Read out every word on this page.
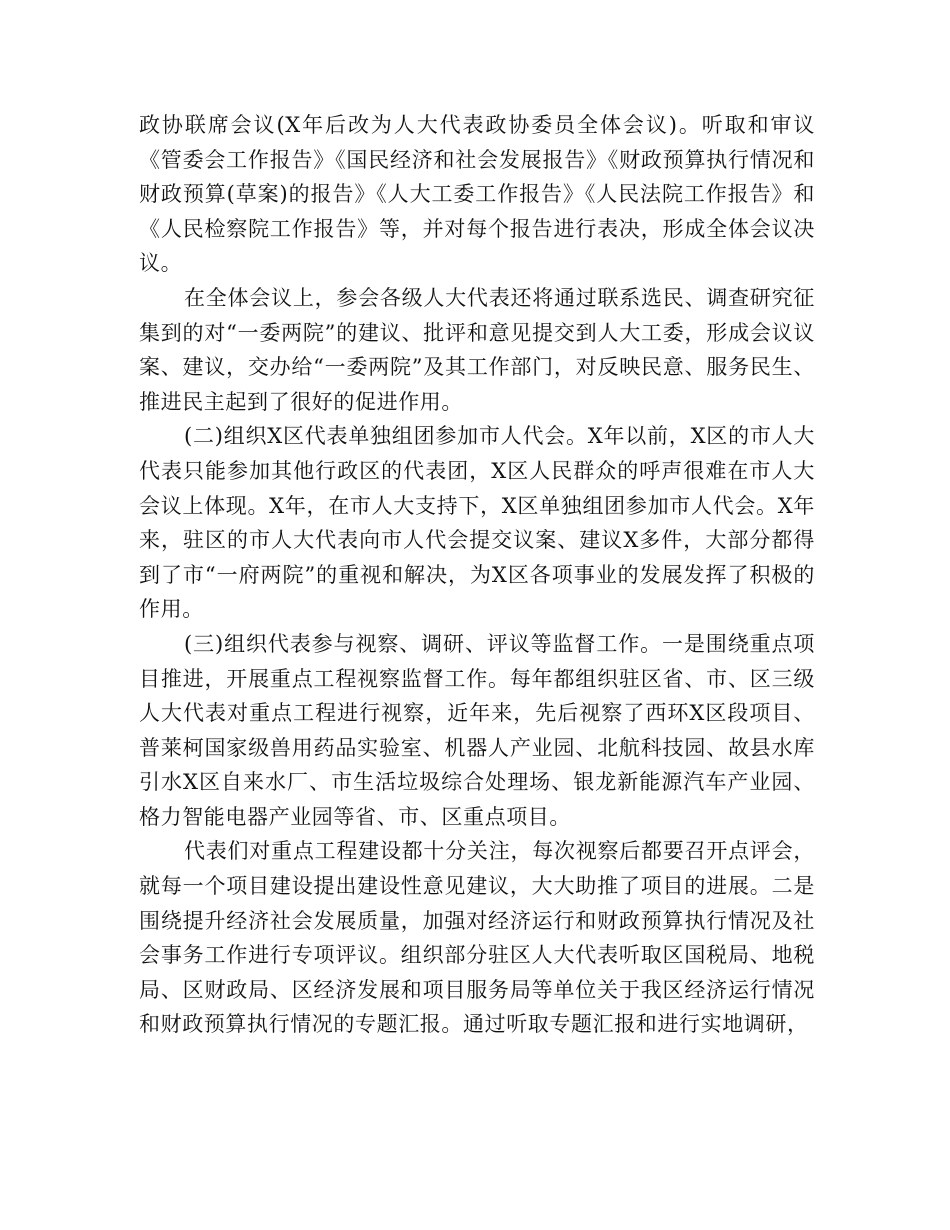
政协联席会议(X年后改为人大代表政协委员全体会议)。听取和审议《管委会工作报告》《国民经济和社会发展报告》《财政预算执行情况和财政预算(草案)的报告》《人大工委工作报告》《人民法院工作报告》和《人民检察院工作报告》等，并对每个报告进行表决，形成全体会议决议。

在全体会议上，参会各级人大代表还将通过联系选民、调查研究征集到的对“一委两院”的建议、批评和意见提交到人大工委，形成会议议案、建议，交办给“一委两院”及其工作部门，对反映民意、服务民生、推进民主起到了很好的促进作用。

(二)组织X区代表单独组团参加市人代会。X年以前，X区的市人大代表只能参加其他行政区的代表团，X区人民群众的呼声很难在市人大会议上体现。X年，在市人大支持下，X区单独组团参加市人代会。X年来，驻区的市人大代表向市人代会提交议案、建议X多件，大部分都得到了市“一府两院”的重视和解决，为X区各项事业的发展发挥了积极的作用。

(三)组织代表参与视察、调研、评议等监督工作。一是围绕重点项目推进，开展重点工程视察监督工作。每年都组织驻区省、市、区三级人大代表对重点工程进行视察，近年来，先后视察了西环X区段项目、普莱柯国家级兽用药品实验室、机器人产业园、北航科技园、故县水库引水X区自来水厂、市生活垃圾综合处理场、银龙新能源汽车产业园、格力智能电器产业园等省、市、区重点项目。

代表们对重点工程建设都十分关注，每次视察后都要召开点评会，就每一个项目建设提出建设性意见建议，大大助推了项目的进展。二是围绕提升经济社会发展质量，加强对经济运行和财政预算执行情况及社会事务工作进行专项评议。组织部分驻区人大代表听取区国税局、地税局、区财政局、区经济发展和项目服务局等单位关于我区经济运行情况和财政预算执行情况的专题汇报。通过听取专题汇报和进行实地调研，
